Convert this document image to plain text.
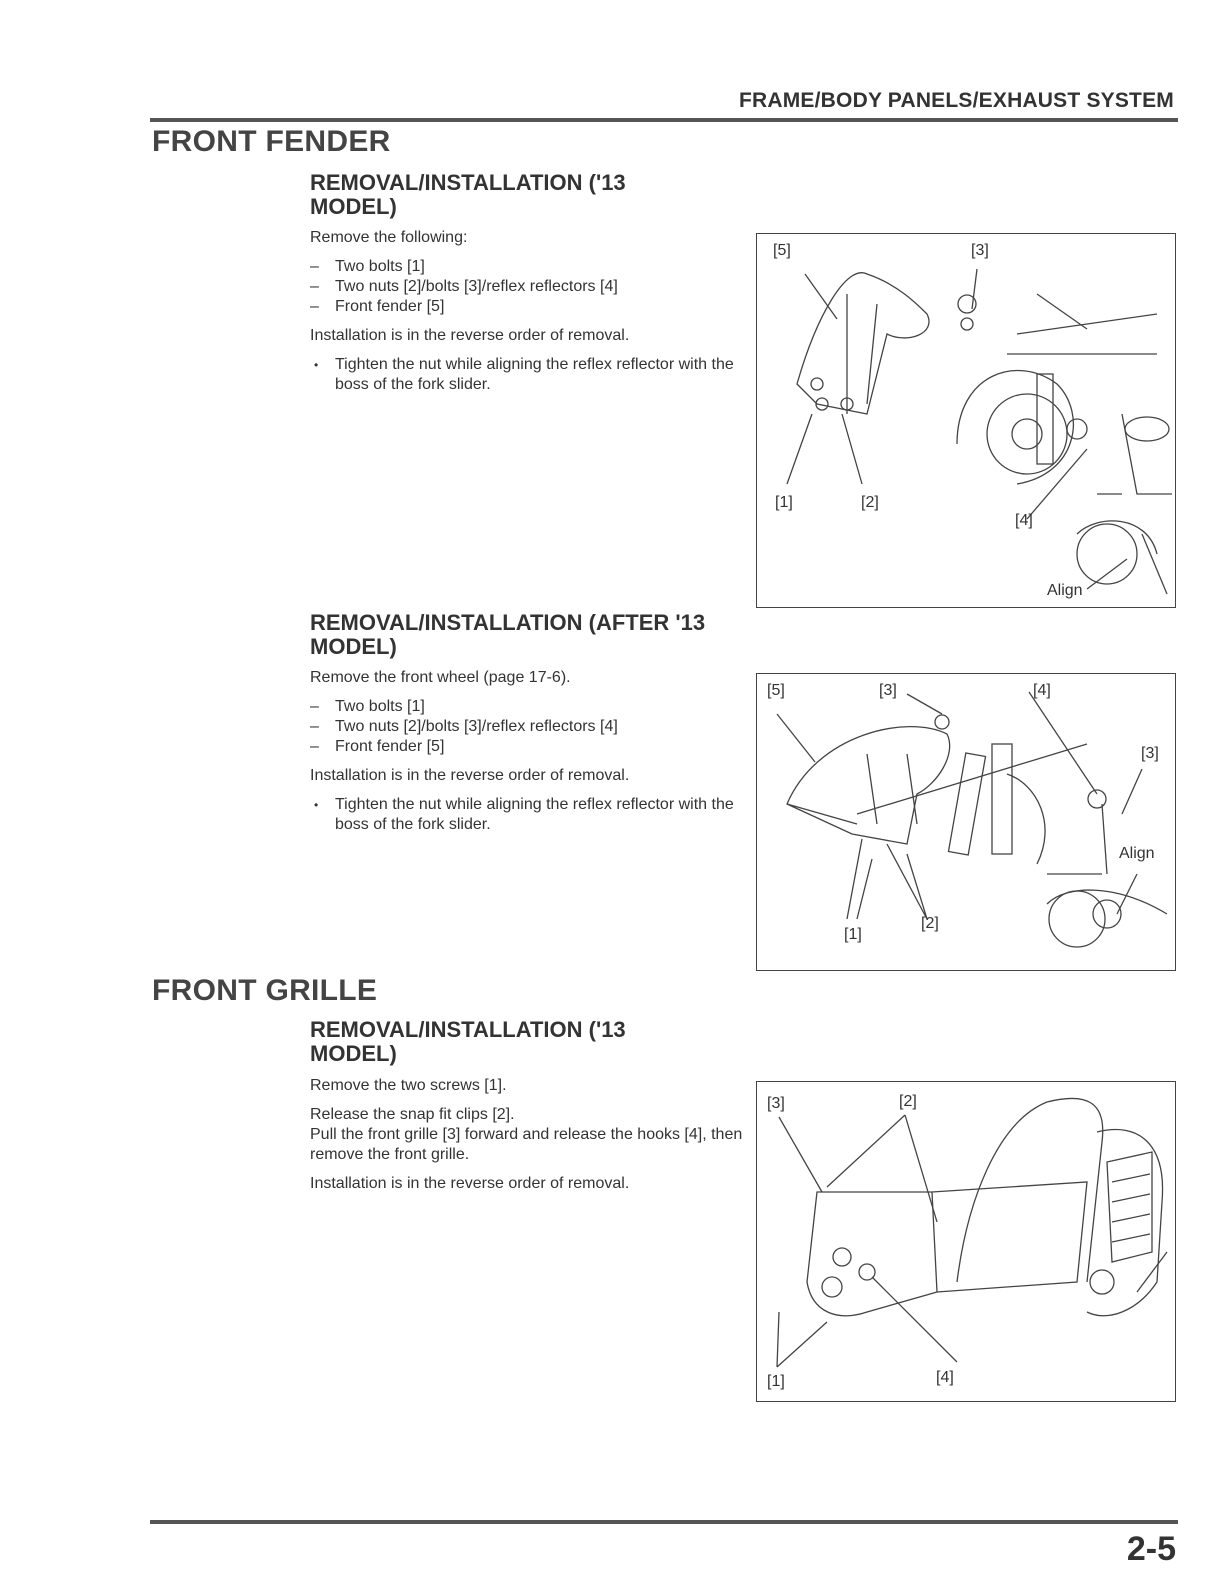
FRAME/BODY PANELS/EXHAUST SYSTEM
FRONT FENDER
REMOVAL/INSTALLATION ('13
MODEL)

Remove the following:

– Two bolts [1]
– Two nuts [2]/bolts [3]/reflex reflectors [4]
– Front fender [5]

Installation is in the reverse order of removal.

• Tighten the nut while aligning the reflex reflector with the boss of the fork slider.
[5]	[3]
[1]	[2]
[4]
Align
REMOVAL/INSTALLATION (AFTER '13
MODEL)

Remove the front wheel (page 17-6).

– Two bolts [1]
– Two nuts [2]/bolts [3]/reflex reflectors [4]
– Front fender [5]

Installation is in the reverse order of removal.

• Tighten the nut while aligning the reflex reflector with the boss of the fork slider.
[5]	[3]	[4]
[3]
Align
[1]
[2]
FRONT GRILLE
REMOVAL/INSTALLATION ('13
MODEL)

Remove the two screws [1].

Release the snap fit clips [2].

Pull the front grille [3] forward and release the hooks [4], then remove the front grille.

Installation is in the reverse order of removal.

[3]	[2]
[1]	[4]
2-5
